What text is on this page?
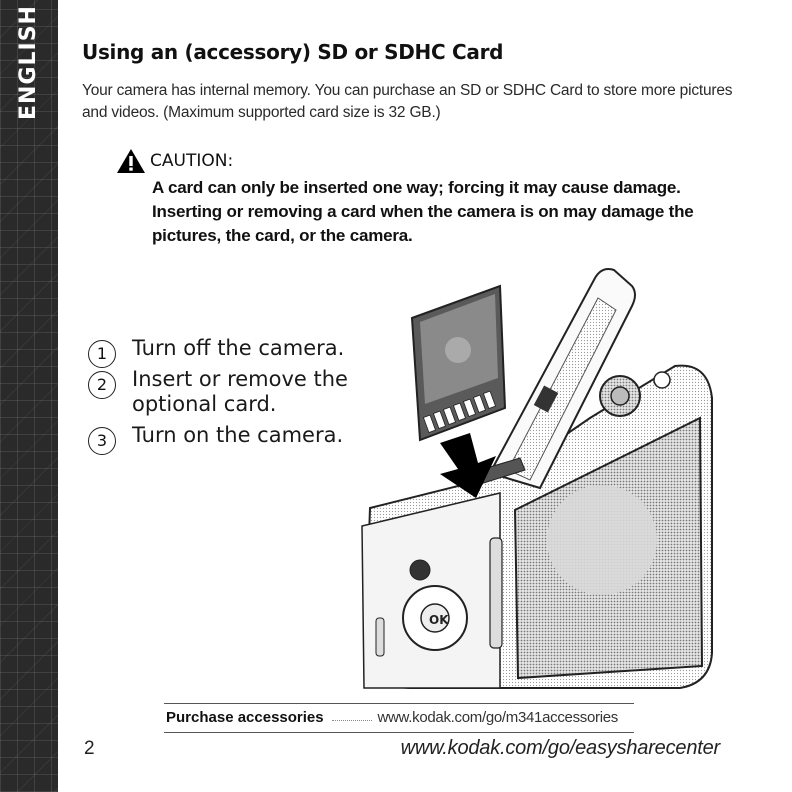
ENGLISH	Using an (accessory) SD or SDHC Card

Your camera has internal memory. You can purchase an SD or SDHC Card to store more pictures and videos. (Maximum supported card size is 32 GB.)

CAUTION:

A card can only be inserted one way; forcing it may cause damage. Inserting or removing a card when the camera is on may damage the pictures, the card, or the camera.

1	Turn off the camera.
2	Insert or remove the optional card.
3	Turn on the camera.
OK
Purchase accessories	www.kodak.com/go/m341accessories
2	www.kodak.com/go/easysharecenter
